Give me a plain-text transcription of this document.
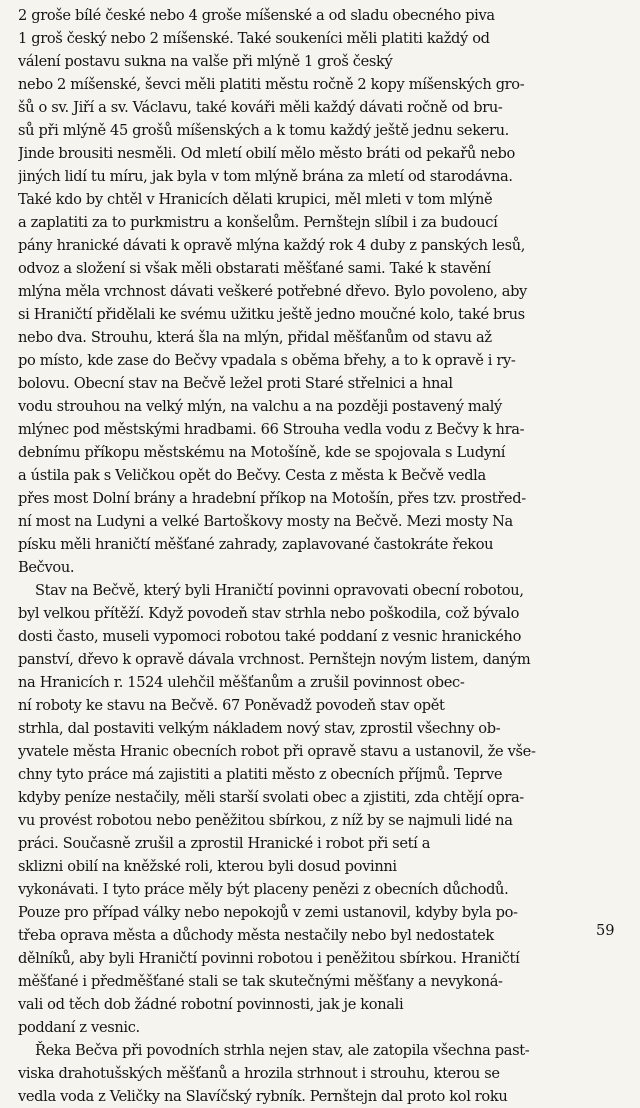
2 groše bílé české nebo 4 groše míšenské a od sladu obecného piva
1 groš český nebo 2 míšenské. Také soukeníci měli platiti každý od
válení postavu sukna na valše při mlýně 1 groš český
nebo 2 míšenské, ševci měli platiti městu ročně 2 kopy míšenských gro-
šů o sv. Jiří a sv. Václavu, také kováři měli každý dávati ročně od bru-
sů při mlýně 45 grošů míšenských a k tomu každý ještě jednu sekeru.
Jinde brousiti nesměli. Od mletí obilí mělo město bráti od pekařů nebo
jiných lidí tu míru, jak byla v tom mlýně brána za mletí od starodávna.
Také kdo by chtěl v Hranicích dělati krupici, měl mleti v tom mlýně
a zaplatiti za to purkmistru a konšelům. Pernštejn slíbil i za budoucí
pány hranické dávati k opravě mlýna každý rok 4 duby z panských lesů,
odvoz a složení si však měli obstarati měšťané sami. Také k stavění
mlýna měla vrchnost dávati veškeré potřebné dřevo. Bylo povoleno, aby
si Hraničtí přidělali ke svému užitku ještě jedno moučné kolo, také brus
nebo dva. Strouhu, která šla na mlýn, přidal měšťanům od stavu až
po místo, kde zase do Bečvy vpadala s oběma břehy, a to k opravě i ry-
bolovu. Obecní stav na Bečvě ležel proti Staré střelnici a hnal
vodu strouhou na velký mlýn, na valchu a na později postavený malý
mlýnec pod městskými hradbami. 66 Strouha vedla vodu z Bečvy k hra-
debnímu příkopu městskému na Motošíně, kde se spojovala s Ludyní
a ústila pak s Veličkou opět do Bečvy. Cesta z města k Bečvě vedla
přes most Dolní brány a hradební příkop na Motošín, přes tzv. prostřed-
ní most na Ludyni a velké Bartoškovy mosty na Bečvě. Mezi mosty Na
písku měli hraničtí měšťané zahrady, zaplavované častokráte řekou
Bečvou.
Stav na Bečvě, který byli Hraničtí povinni opravovati obecní robotou,
byl velkou přítěží. Když povodeň stav strhla nebo poškodila, což bývalo
dosti často, museli vypomoci robotou také poddaní z vesnic hranického
panství, dřevo k opravě dávala vrchnost. Pernštejn novým listem, daným
na Hranicích r. 1524 ulehčil měšťanům a zrušil povinnost obec-
ní roboty ke stavu na Bečvě. 67 Poněvadž povodeň stav opět
strhla, dal postaviti velkým nákladem nový stav, zprostil všechny ob-
yvatele města Hranic obecních robot při opravě stavu a ustanovil, že vše-
chny tyto práce má zajistiti a platiti město z obecních příjmů. Teprve
kdyby peníze nestačily, měli starší svolati obec a zjistiti, zda chtějí opra-
vu provést robotou nebo peněžitou sbírkou, z níž by se najmuli lidé na
práci. Současně zrušil a zprostil Hranické i robot při setí a
sklizni obilí na kněžské roli, kterou byli dosud povinni
vykonávati. I tyto práce měly být placeny penězi z obecních důchodů.
Pouze pro případ války nebo nepokojů v zemi ustanovil, kdyby byla po-
třeba oprava města a důchody města nestačily nebo byl nedostatek
dělníků, aby byli Hraničtí povinni robotou i peněžitou sbírkou. Hraničtí
měšťané i předměšťané stali se tak skutečnými měšťany a nevykoná-
vali od těch dob žádné robotní povinnosti, jak je konali
poddaní z vesnic.
Řeka Bečva při povodních strhla nejen stav, ale zatopila všechna past-
viska drahotušských měšťanů a hrozila strhnout i strouhu, kterou se
vedla voda z Veličky na Slavíčský rybník. Pernštejn dal proto kol roku
59
